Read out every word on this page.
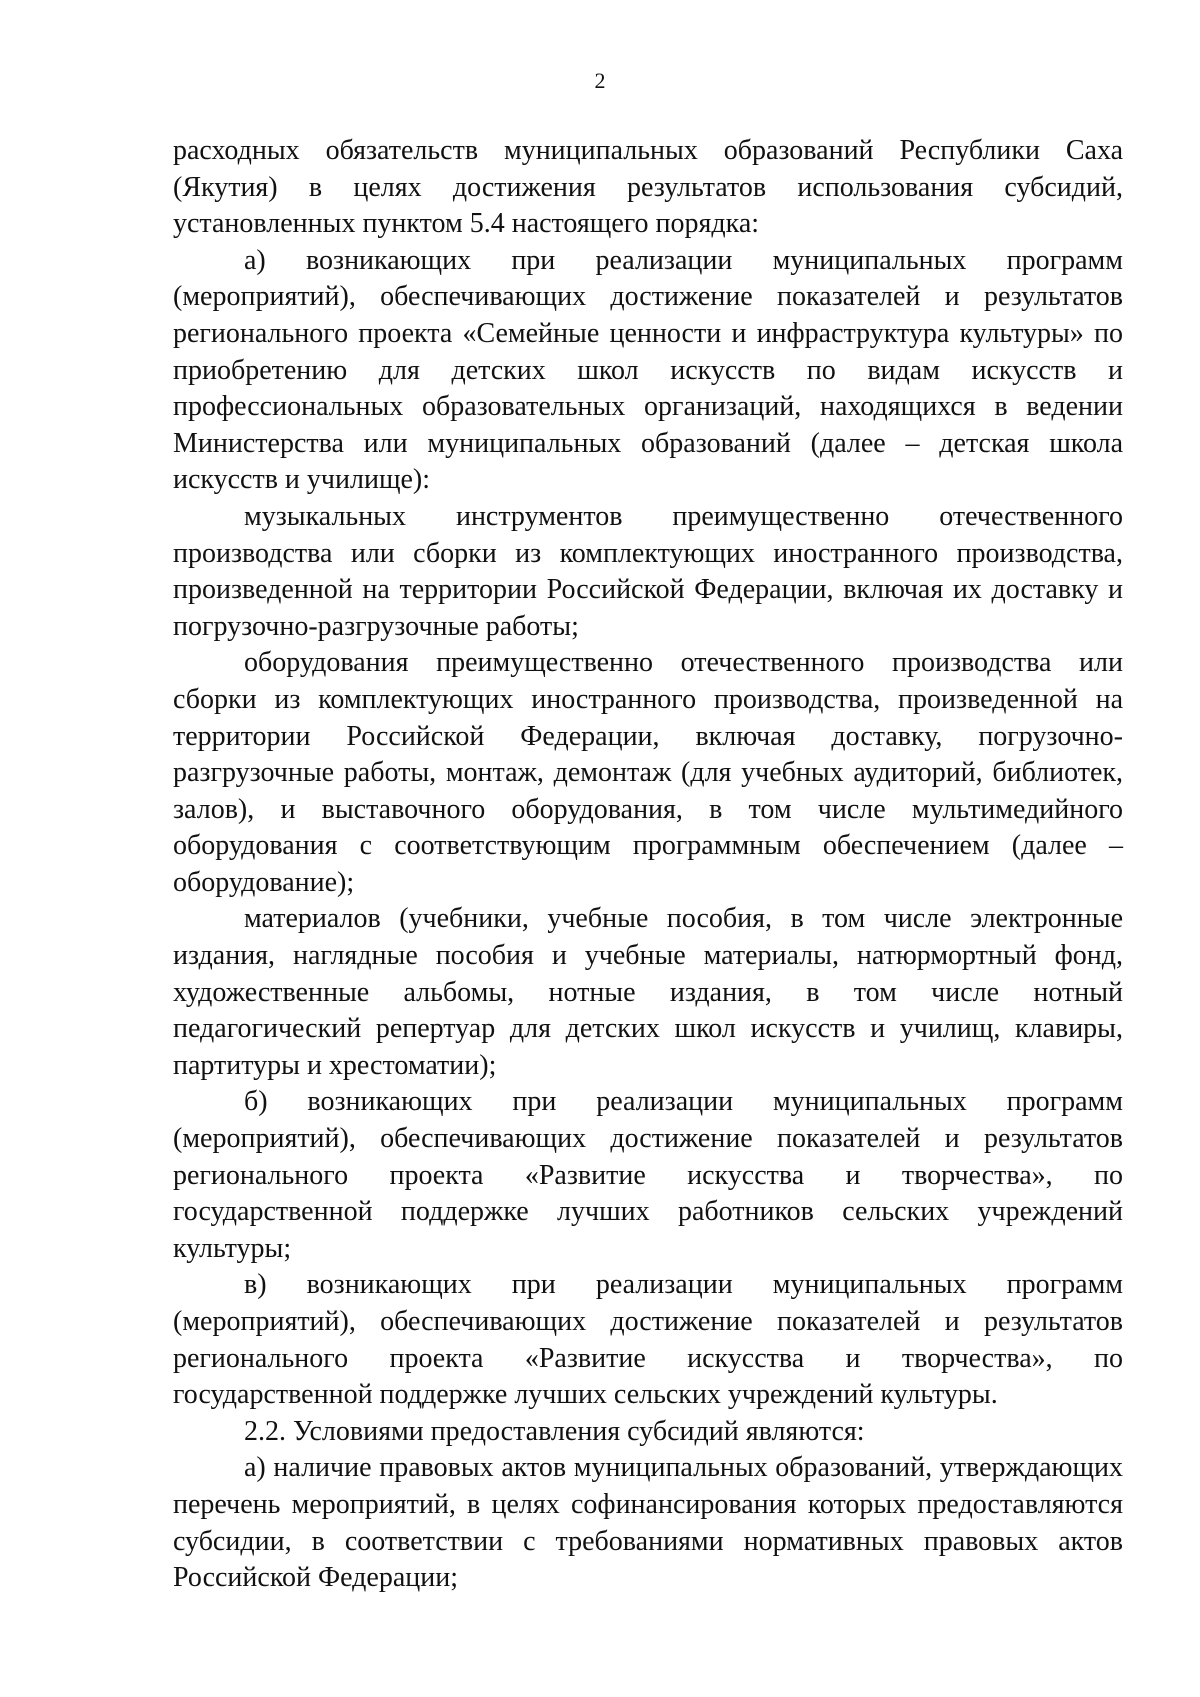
2

расходных обязательств муниципальных образований Республики Саха (Якутия) в целях достижения результатов использования субсидий, установленных пунктом 5.4 настоящего порядка:

а) возникающих при реализации муниципальных программ (мероприятий), обеспечивающих достижение показателей и результатов регионального проекта «Семейные ценности и инфраструктура культуры» по приобретению для детских школ искусств по видам искусств и профессиональных образовательных организаций, находящихся в ведении Министерства или муниципальных образований (далее – детская школа искусств и училище):

музыкальных инструментов преимущественно отечественного производства или сборки из комплектующих иностранного производства, произведенной на территории Российской Федерации, включая их доставку и погрузочно-разгрузочные работы;

оборудования преимущественно отечественного производства или сборки из комплектующих иностранного производства, произведенной на территории Российской Федерации, включая доставку, погрузочно-разгрузочные работы, монтаж, демонтаж (для учебных аудиторий, библиотек, залов), и выставочного оборудования, в том числе мультимедийного оборудования с соответствующим программным обеспечением (далее – оборудование);

материалов (учебники, учебные пособия, в том числе электронные издания, наглядные пособия и учебные материалы, натюрмортный фонд, художественные альбомы, нотные издания, в том числе нотный педагогический репертуар для детских школ искусств и училищ, клавиры, партитуры и хрестоматии);

б) возникающих при реализации муниципальных программ (мероприятий), обеспечивающих достижение показателей и результатов регионального проекта «Развитие искусства и творчества», по государственной поддержке лучших работников сельских учреждений культуры;

в) возникающих при реализации муниципальных программ (мероприятий), обеспечивающих достижение показателей и результатов регионального проекта «Развитие искусства и творчества», по государственной поддержке лучших сельских учреждений культуры.

2.2. Условиями предоставления субсидий являются:

а) наличие правовых актов муниципальных образований, утверждающих перечень мероприятий, в целях софинансирования которых предоставляются субсидии, в соответствии с требованиями нормативных правовых актов Российской Федерации;
